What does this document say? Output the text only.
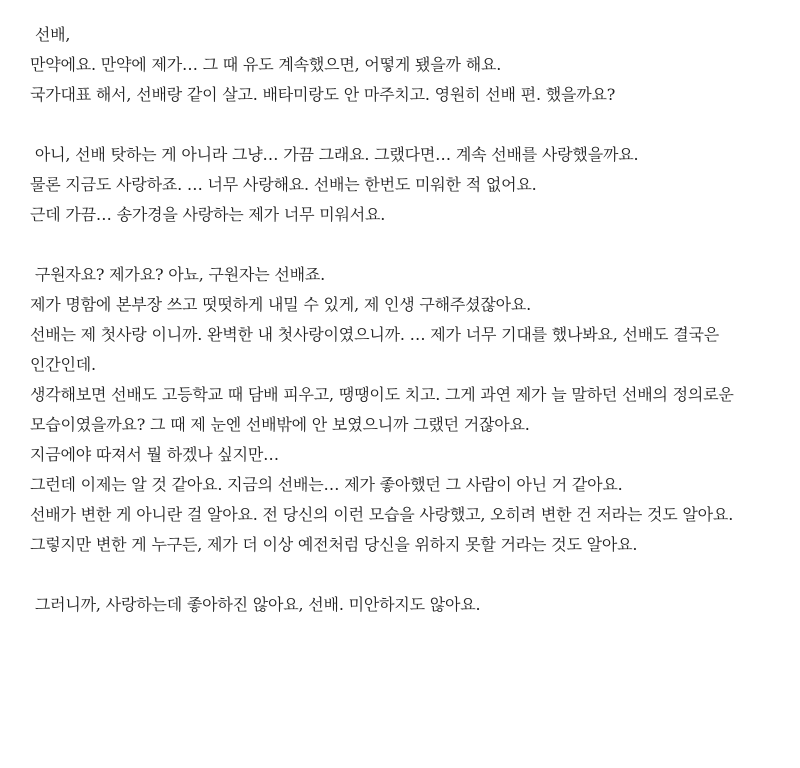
선배,
만약에요. 만약에 제가… 그 때 유도 계속했으면, 어떻게 됐을까 해요.
국가대표 해서, 선배랑 같이 살고. 배타미랑도 안 마주치고. 영원히 선배 편. 했을까요?
아니, 선배 탓하는 게 아니라 그냥… 가끔 그래요. 그랬다면… 계속 선배를 사랑했을까요.
물론 지금도 사랑하죠. … 너무 사랑해요. 선배는 한번도 미워한 적 없어요.
근데 가끔… 송가경을 사랑하는 제가 너무 미워서요.
구원자요? 제가요? 아뇨, 구원자는 선배죠.
제가 명함에 본부장 쓰고 떳떳하게 내밀 수 있게, 제 인생 구해주셨잖아요.
선배는 제 첫사랑 이니까. 완벽한 내 첫사랑이였으니까. … 제가 너무 기대를 했나봐요, 선배도 결국은 인간인데.
생각해보면 선배도 고등학교 때 담배 피우고, 땡땡이도 치고. 그게 과연 제가 늘 말하던 선배의 정의로운 모습이였을까요? 그 때 제 눈엔 선배밖에 안 보였으니까 그랬던 거잖아요.
지금에야 따져서 뭘 하겠나 싶지만…
그런데 이제는 알 것 같아요. 지금의 선배는… 제가 좋아했던 그 사람이 아닌 거 같아요.
선배가 변한 게 아니란 걸 알아요. 전 당신의 이런 모습을 사랑했고, 오히려 변한 건 저라는 것도 알아요. 그렇지만 변한 게 누구든, 제가 더 이상 예전처럼 당신을 위하지 못할 거라는 것도 알아요.
그러니까, 사랑하는데 좋아하진 않아요, 선배. 미안하지도 않아요.
